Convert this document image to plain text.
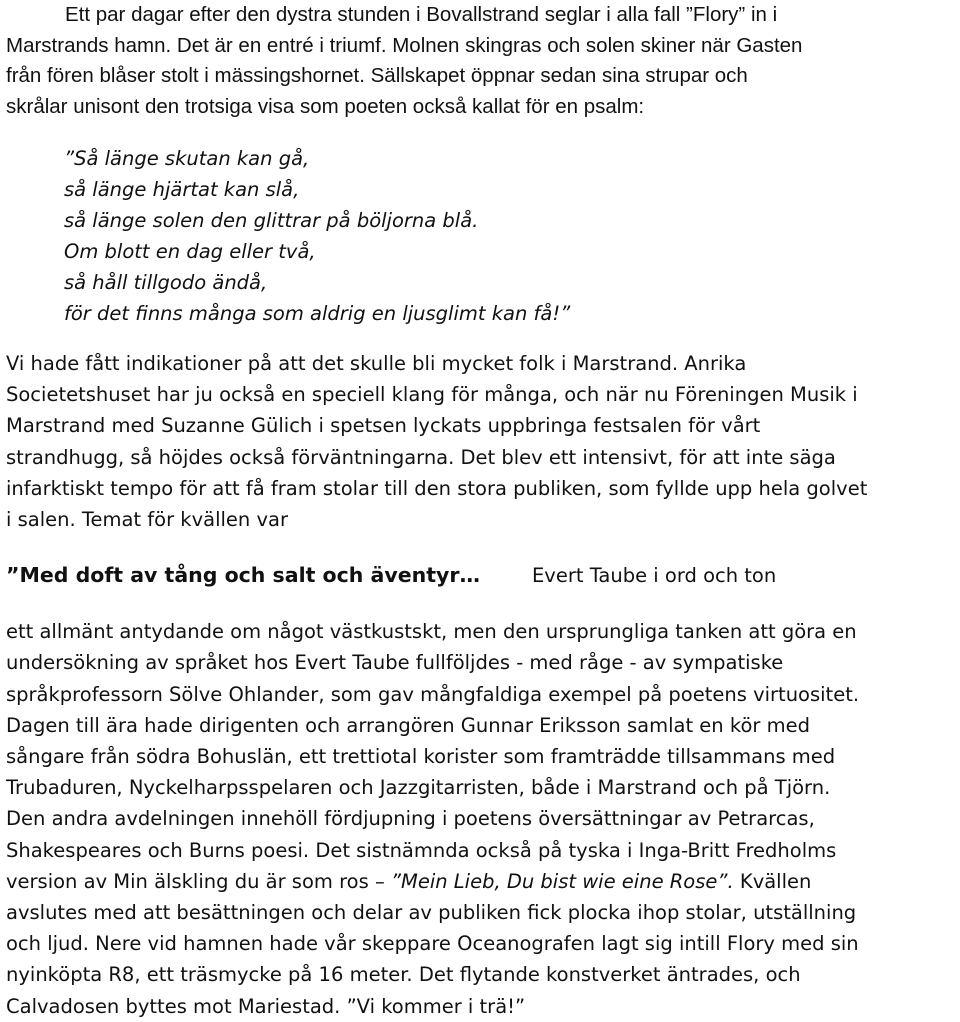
Ett par dagar efter den dystra stunden i Bovallstrand seglar i alla fall ”Flory” in i
Marstrands hamn. Det är en entré i triumf. Molnen skingras och solen skiner när Gasten
från fören blåser stolt i mässingshornet. Sällskapet öppnar sedan sina strupar och
skrålar unisont den trotsiga visa som poeten också kallat för en psalm:

”Så länge skutan kan gå,
så länge hjärtat kan slå,
så länge solen den glittrar på böljorna blå.
Om blott en dag eller två,
så håll tillgodo ändå,
för det finns många som aldrig en ljusglimt kan få!”

Vi hade fått indikationer på att det skulle bli mycket folk i Marstrand. Anrika
Societetshuset har ju också en speciell klang för många, och när nu Föreningen Musik i
Marstrand med Suzanne Gülich i spetsen lyckats uppbringa festsalen för vårt
strandhugg, så höjdes också förväntningarna. Det blev ett intensivt, för att inte säga
infarktiskt tempo för att få fram stolar till den stora publiken, som fyllde upp hela golvet
i salen. Temat för kvällen var

”Med doft av tång och salt och äventyr…	Evert Taube i ord och ton

ett allmänt antydande om något västkustskt, men den ursprungliga tanken att göra en
undersökning av språket hos Evert Taube fullföljdes - med råge - av sympatiske
språkprofessorn Sölve Ohlander, som gav mångfaldiga exempel på poetens virtuositet.
Dagen till ära hade dirigenten och arrangören Gunnar Eriksson samlat en kör med
sångare från södra Bohuslän, ett trettiotal korister som framträdde tillsammans med
Trubaduren, Nyckelharpsspelaren och Jazzgitarristen, både i Marstrand och på Tjörn.
Den andra avdelningen innehöll fördjupning i poetens översättningar av Petrarcas,
Shakespeares och Burns poesi. Det sistnämnda också på tyska i Inga-Britt Fredholms
version av Min älskling du är som ros – ”Mein Lieb, Du bist wie eine Rose”. Kvällen
avslutes med att besättningen och delar av publiken fick plocka ihop stolar, utställning
och ljud. Nere vid hamnen hade vår skeppare Oceanografen lagt sig intill Flory med sin
nyinköpta R8, ett träsmycke på 16 meter. Det flytande konstverket äntrades, och
Calvadosen byttes mot Mariestad. ”Vi kommer i trä!”
